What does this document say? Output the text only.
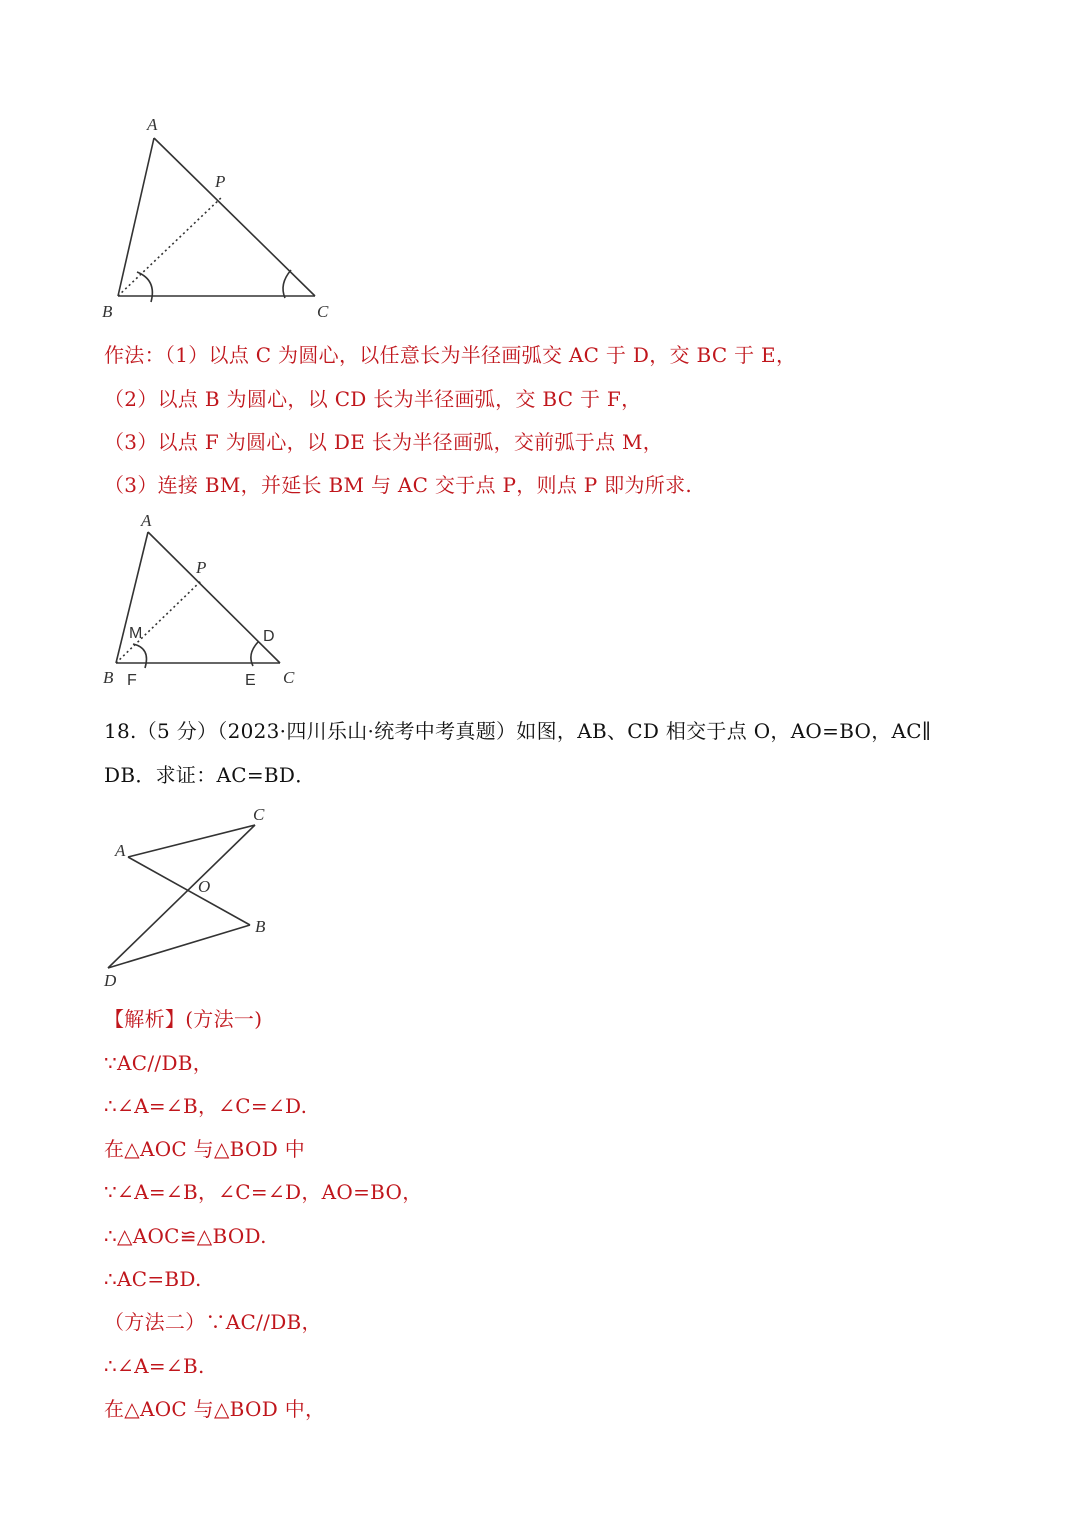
A
P
B	C

作法：（1）以点 C 为圆心，以任意长为半径画弧交 AC 于 D，交 BC 于 E，

（2）以点 B 为圆心，以 CD 长为半径画弧，交 BC 于 F，

（3）以点 F 为圆心，以 DE 长为半径画弧，交前弧于点 M，

（3）连接 BM，并延长 BM 与 AC 交于点 P，则点 P 即为所求.

A
P
M	D
B F	E C

18.（5 分）（2023·四川乐山·统考中考真题）如图，AB、CD 相交于点 O，AO=BO，AC∥

DB．求证：AC=BD．

A
C
O
B
D

【解析】(方法一)

∵AC//DB，

∴∠A=∠B，∠C=∠D.

在△AOC 与△BOD 中

∵∠A=∠B，∠C=∠D，AO=BO，

∴△AOC≌△BOD.

∴AC=BD.

（方法二）∵AC//DB，

∴∠A=∠B.

在△AOC 与△BOD 中，
